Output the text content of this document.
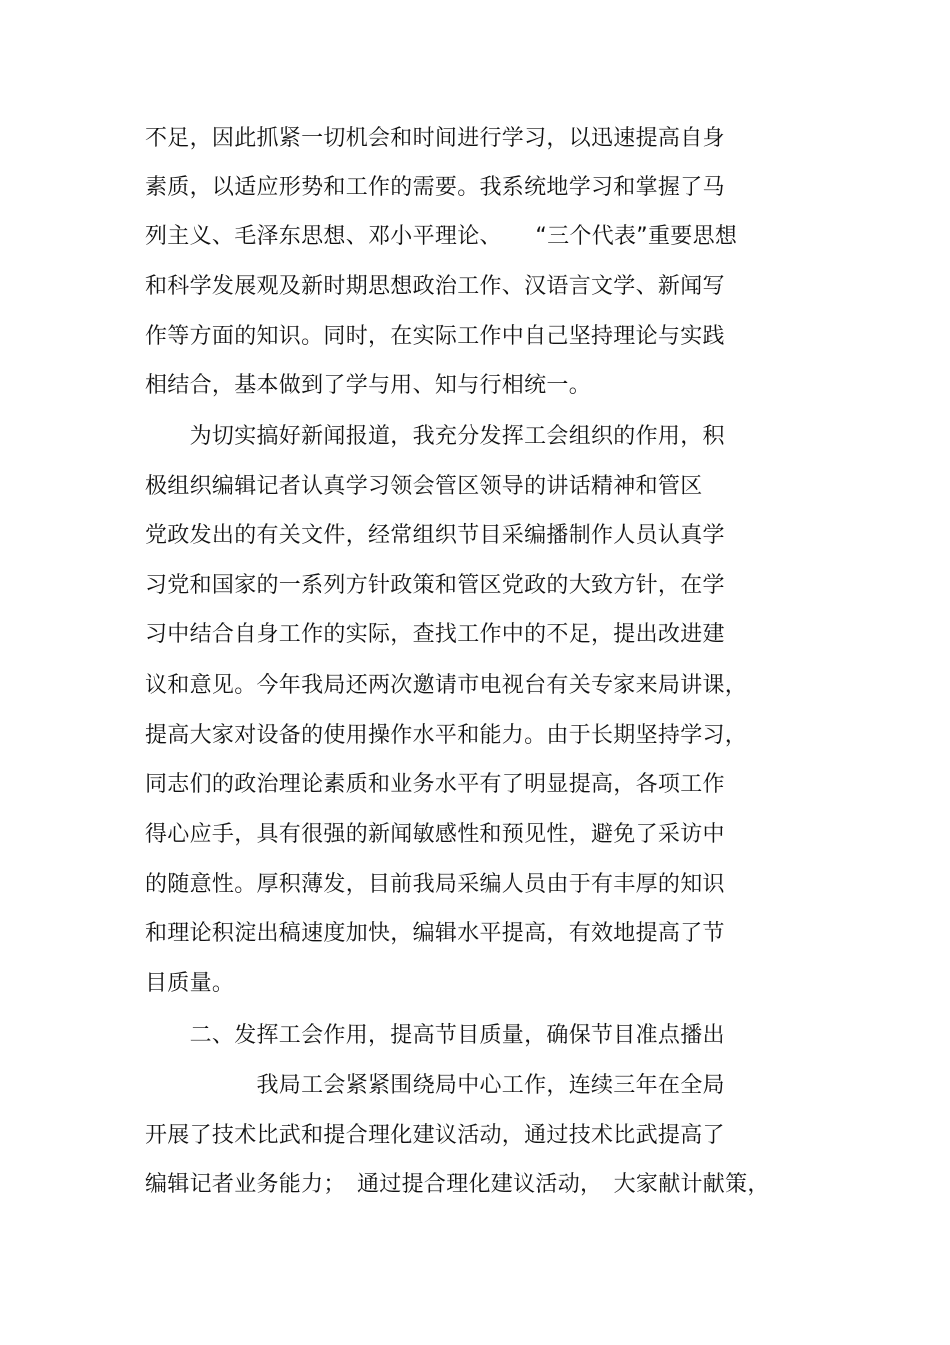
不足，因此抓紧一切机会和时间进行学习，以迅速提高自身
素质，以适应形势和工作的需要。我系统地学习和掌握了马
列主义、毛泽东思想、邓小平理论、　　“三个代表”重要思想
和科学发展观及新时期思想政治工作、汉语言文学、新闻写
作等方面的知识。同时，在实际工作中自己坚持理论与实践
相结合，基本做到了学与用、知与行相统一。
　　为切实搞好新闻报道，我充分发挥工会组织的作用，积
极组织编辑记者认真学习领会管区领导的讲话精神和管区
党政发出的有关文件，经常组织节目采编播制作人员认真学
习党和国家的一系列方针政策和管区党政的大致方针，在学
习中结合自身工作的实际，查找工作中的不足，提出改进建
议和意见。今年我局还两次邀请市电视台有关专家来局讲课，
提高大家对设备的使用操作水平和能力。由于长期坚持学习，
同志们的政治理论素质和业务水平有了明显提高，各项工作
得心应手，具有很强的新闻敏感性和预见性，避免了采访中
的随意性。厚积薄发，目前我局采编人员由于有丰厚的知识
和理论积淀出稿速度加快，编辑水平提高，有效地提高了节
目质量。
　　二、发挥工会作用，提高节目质量，确保节目准点播出
　　　　　我局工会紧紧围绕局中心工作，连续三年在全局
开展了技术比武和提合理化建议活动，通过技术比武提高了
编辑记者业务能力；　通过提合理化建议活动，　大家献计献策，
